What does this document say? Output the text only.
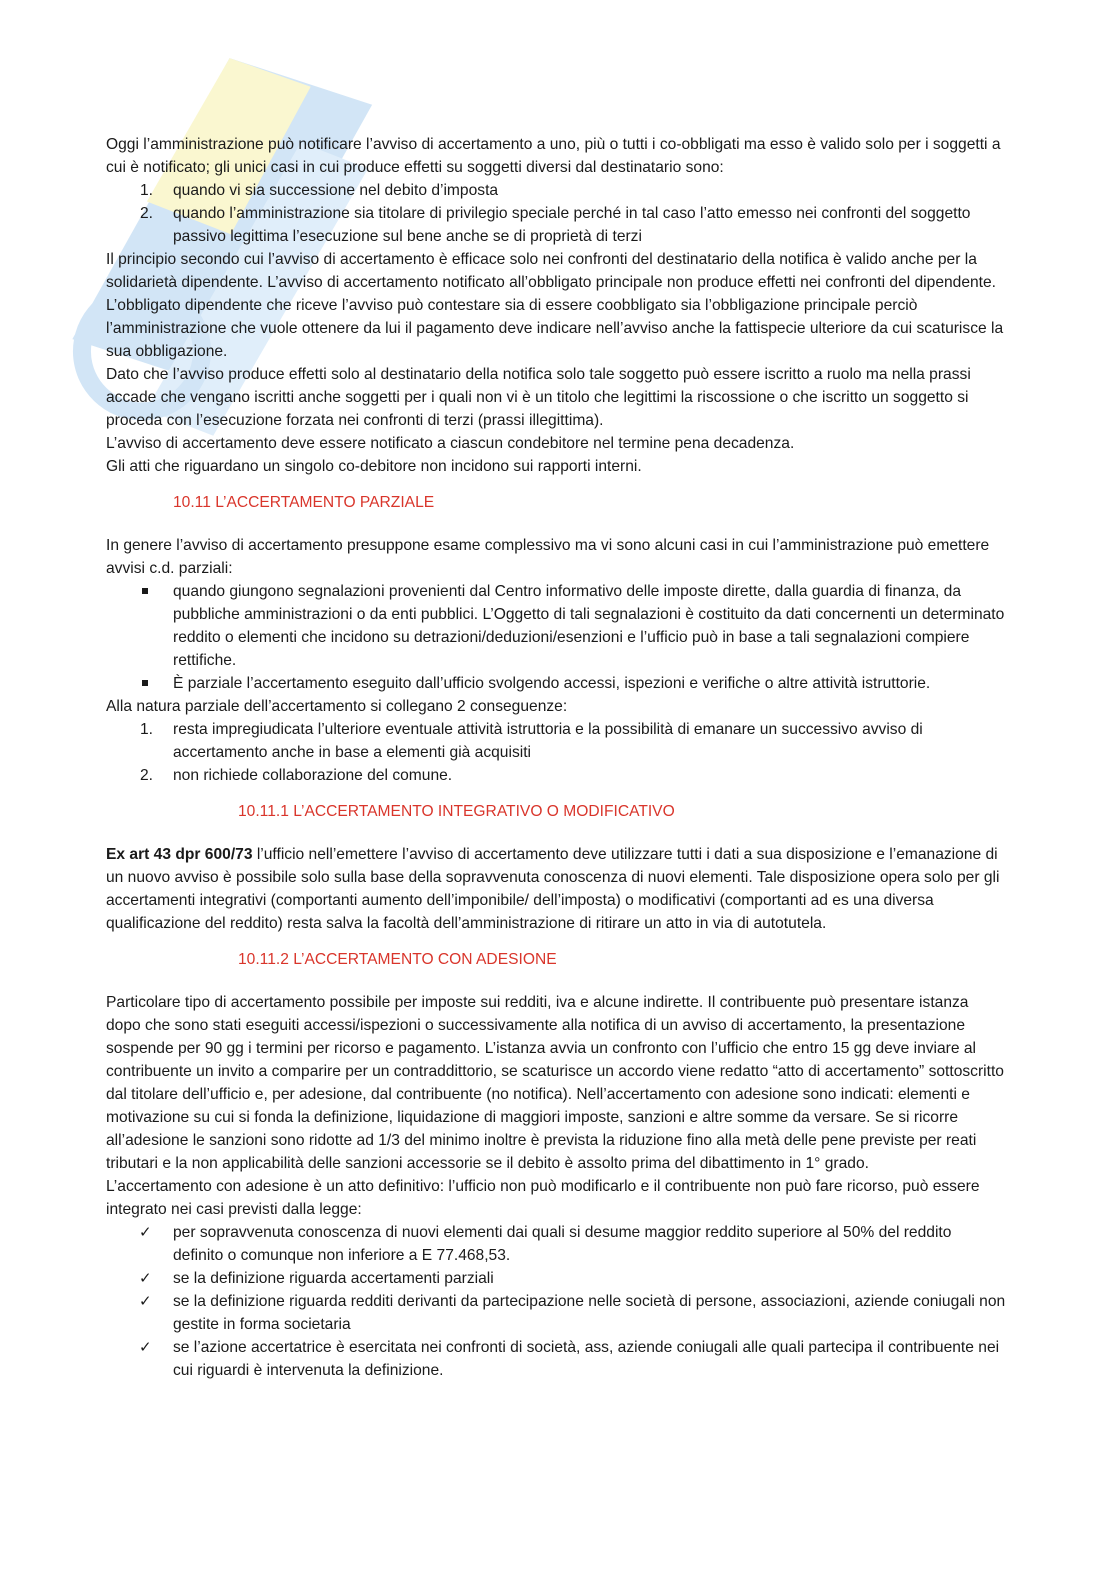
Oggi l’amministrazione può notificare l’avviso di accertamento a uno, più o tutti i co-obbligati ma esso è valido solo per i soggetti a cui è notificato; gli unici casi in cui produce effetti su soggetti diversi dal destinatario sono:

1. quando vi sia successione nel debito d’imposta
2. quando l’amministrazione sia titolare di privilegio speciale perché in tal caso l’atto emesso nei confronti del soggetto passivo legittima l’esecuzione sul bene anche se di proprietà di terzi

Il principio secondo cui l’avviso di accertamento è efficace solo nei confronti del destinatario della notifica è valido anche per la solidarietà dipendente. L’avviso di accertamento notificato all’obbligato principale non produce effetti nei confronti del dipendente. L’obbligato dipendente che riceve l’avviso può contestare sia di essere coobbligato sia l’obbligazione principale perciò l’amministrazione che vuole ottenere da lui il pagamento deve indicare nell’avviso anche la fattispecie ulteriore da cui scaturisce la sua obbligazione.

Dato che l’avviso produce effetti solo al destinatario della notifica solo tale soggetto può essere iscritto a ruolo ma nella prassi accade che vengano iscritti anche soggetti per i quali non vi è un titolo che legittimi la riscossione o che iscritto un soggetto si proceda con l’esecuzione forzata nei confronti di terzi (prassi illegittima).

L’avviso di accertamento deve essere notificato a ciascun condebitore nel termine pena decadenza.

Gli atti che riguardano un singolo co-debitore non incidono sui rapporti interni.

10.11 L’ACCERTAMENTO PARZIALE

In genere l’avviso di accertamento presuppone esame complessivo ma vi sono alcuni casi in cui l’amministrazione può emettere avvisi c.d. parziali:

quando giungono segnalazioni provenienti dal Centro informativo delle imposte dirette, dalla guardia di finanza, da pubbliche amministrazioni o da enti pubblici. L’Oggetto di tali segnalazioni è costituito da dati concernenti un determinato reddito o elementi che incidono su detrazioni/deduzioni/esenzioni e l’ufficio può in base a tali segnalazioni compiere rettifiche.
È parziale l’accertamento eseguito dall’ufficio svolgendo accessi, ispezioni e verifiche o altre attività istruttorie.

Alla natura parziale dell’accertamento si collegano 2 conseguenze:

1. resta impregiudicata l’ulteriore eventuale attività istruttoria e la possibilità di emanare un successivo avviso di accertamento anche in base a elementi già acquisiti
2. non richiede collaborazione del comune.
10.11.1 L’ACCERTAMENTO INTEGRATIVO O MODIFICATIVO

Ex art 43 dpr 600/73 l’ufficio nell’emettere l’avviso di accertamento deve utilizzare tutti i dati a sua disposizione e l’emanazione di un nuovo avviso è possibile solo sulla base della sopravvenuta conoscenza di nuovi elementi. Tale disposizione opera solo per gli accertamenti integrativi (comportanti aumento dell’imponibile/ dell’imposta) o modificativi (comportanti ad es una diversa qualificazione del reddito) resta salva la facoltà dell’amministrazione di ritirare un atto in via di autotutela.

10.11.2 L’ACCERTAMENTO CON ADESIONE

Particolare tipo di accertamento possibile per imposte sui redditi, iva e alcune indirette. Il contribuente può presentare istanza dopo che sono stati eseguiti accessi/ispezioni o successivamente alla notifica di un avviso di accertamento, la presentazione sospende per 90 gg i termini per ricorso e pagamento. L’istanza avvia un confronto con l’ufficio che entro 15 gg deve inviare al contribuente un invito a comparire per un contraddittorio, se scaturisce un accordo viene redatto “atto di accertamento” sottoscritto dal titolare dell’ufficio e, per adesione, dal contribuente (no notifica). Nell’accertamento con adesione sono indicati: elementi e motivazione su cui si fonda la definizione, liquidazione di maggiori imposte, sanzioni e altre somme da versare. Se si ricorre all’adesione le sanzioni sono ridotte ad 1/3 del minimo inoltre è prevista la riduzione fino alla metà delle pene previste per reati tributari e la non applicabilità delle sanzioni accessorie se il debito è assolto prima del dibattimento in 1° grado.

L’accertamento con adesione è un atto definitivo: l’ufficio non può modificarlo e il contribuente non può fare ricorso, può essere integrato nei casi previsti dalla legge:

✓ per sopravvenuta conoscenza di nuovi elementi dai quali si desume maggior reddito superiore al 50% del reddito definito o comunque non inferiore a E 77.468,53.
✓ se la definizione riguarda accertamenti parziali
✓ se la definizione riguarda redditi derivanti da partecipazione nelle società di persone, associazioni, aziende coniugali non gestite in forma societaria
✓ se l’azione accertatrice è esercitata nei confronti di società, ass, aziende coniugali alle quali partecipa il contribuente nei cui riguardi è intervenuta la definizione.
